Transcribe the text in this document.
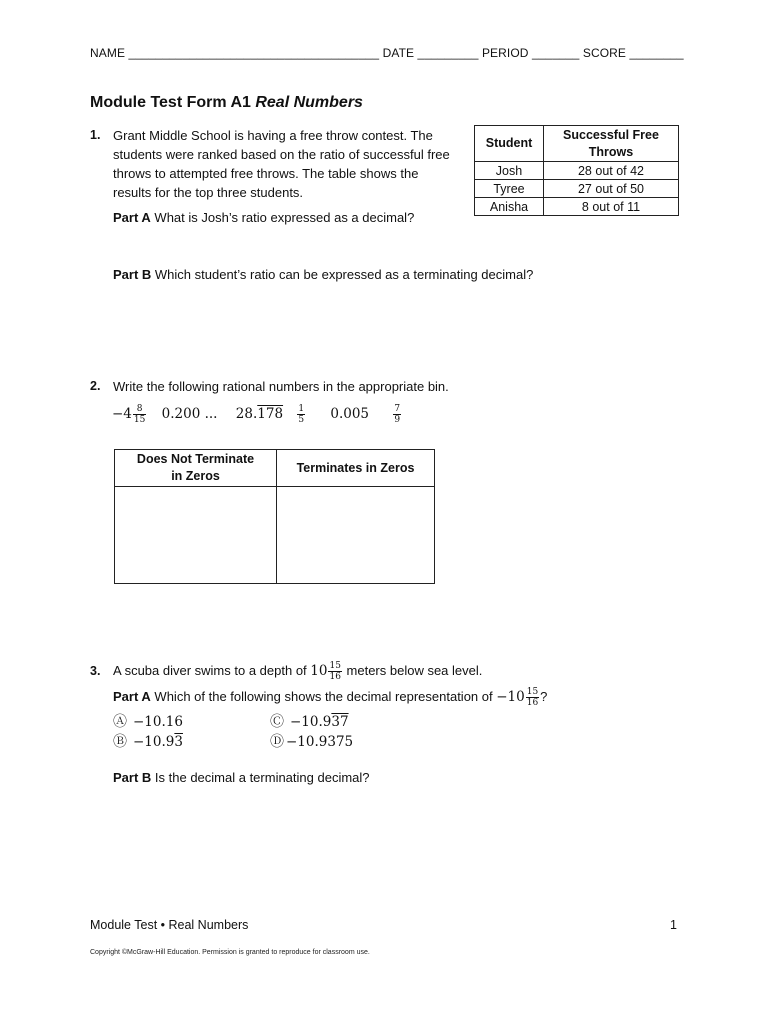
NAME _____________________________________ DATE _________ PERIOD _______ SCORE ________
Module Test Form A1 Real Numbers
1. Grant Middle School is having a free throw contest. The
students were ranked based on the ratio of successful free
throws to attempted free throws. The table shows the
results for the top three students.
Part A What is Josh’s ratio expressed as a decimal?
Part B Which student’s ratio can be expressed as a terminating decimal?
Student	Successful Free
Throws

Josh	28 out of 42
Tyree	27 out of 50
Anisha	8 out of 11
2. Write the following rational numbers in the appropriate bin.
$-4 \frac{8}{15} 0.200$ ... $28.178 \frac{1}{5} 0.005$	$\frac{7}{9}$
Does Not Terminate
in Zeros	Terminates in Zeros

3. A scuba diver swims to a depth of $10 \frac{15}{16}$ meters below sea level.
Part A Which of the following shows the decimal representation of $-10 \frac{15}{16}$ ?
Ⓐ −10.16	Ⓒ −10.937
Ⓑ −10.93	Ⓓ −10.9375
Part B Is the decimal a terminating decimal?
Module Test • Real Numbers	1
Copyright ©McGraw-Hill Education. Permission is granted to reproduce for classroom use.
